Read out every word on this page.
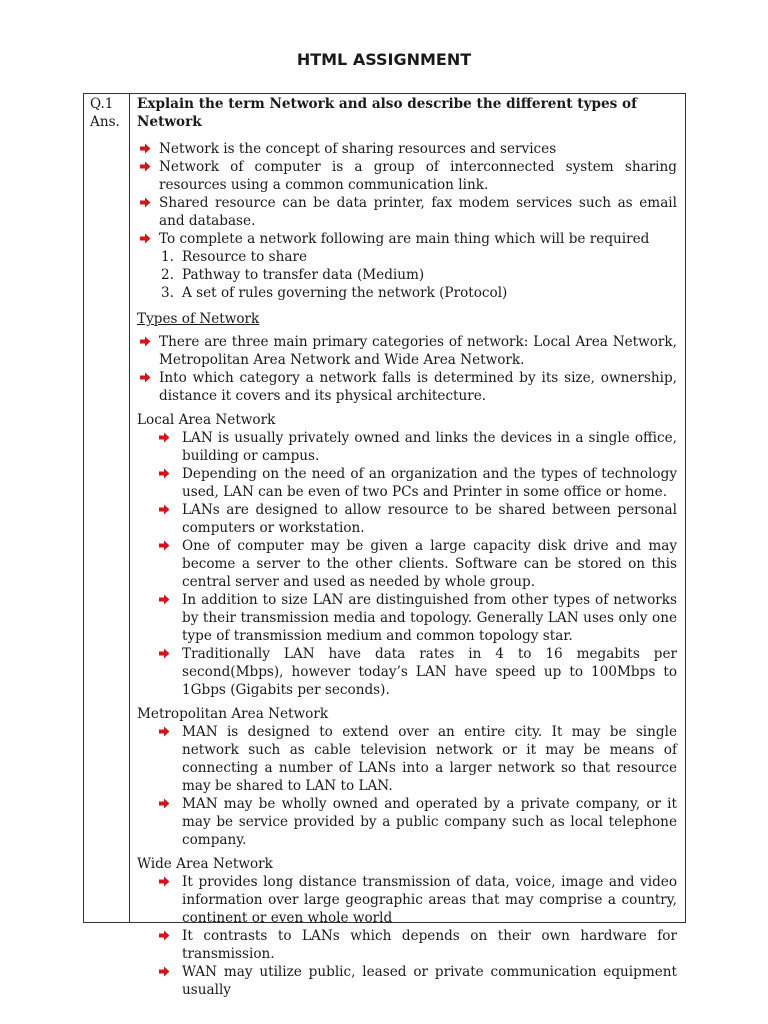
HTML ASSIGNMENT
Q.1
Ans.
Explain the term Network and also describe the different types of Network
Network is the concept of sharing resources and services
Network of computer is a group of interconnected system sharing resources using a common communication link.
Shared resource can be data printer, fax modem services such as email and database.
To complete a network following are main thing which will be required
1. Resource to share
2. Pathway to transfer data (Medium)
3. A set of rules governing the network (Protocol)
Types of Network
There are three main primary categories of network: Local Area Network, Metropolitan Area Network and Wide Area Network.
Into which category a network falls is determined by its size, ownership, distance it covers and its physical architecture.
Local Area Network
LAN is usually privately owned and links the devices in a single office, building or campus.
Depending on the need of an organization and the types of technology used, LAN can be even of two PCs and Printer in some office or home.
LANs are designed to allow resource to be shared between personal computers or workstation.
One of computer may be given a large capacity disk drive and may become a server to the other clients. Software can be stored on this central server and used as needed by whole group.
In addition to size LAN are distinguished from other types of networks by their transmission media and topology. Generally LAN uses only one type of transmission medium and common topology star.
Traditionally LAN have data rates in 4 to 16 megabits per second(Mbps), however today’s LAN have speed up to 100Mbps to 1Gbps (Gigabits per seconds).
Metropolitan Area Network
MAN is designed to extend over an entire city. It may be single network such as cable television network or it may be means of connecting a number of LANs into a larger network so that resource may be shared to LAN to LAN.
MAN may be wholly owned and operated by a private company, or it may be service provided by a public company such as local telephone company.
Wide Area Network
It provides long distance transmission of data, voice, image and video information over large geographic areas that may comprise a country, continent or even whole world
It contrasts to LANs which depends on their own hardware for transmission.
WAN may utilize public, leased or private communication equipment usually
